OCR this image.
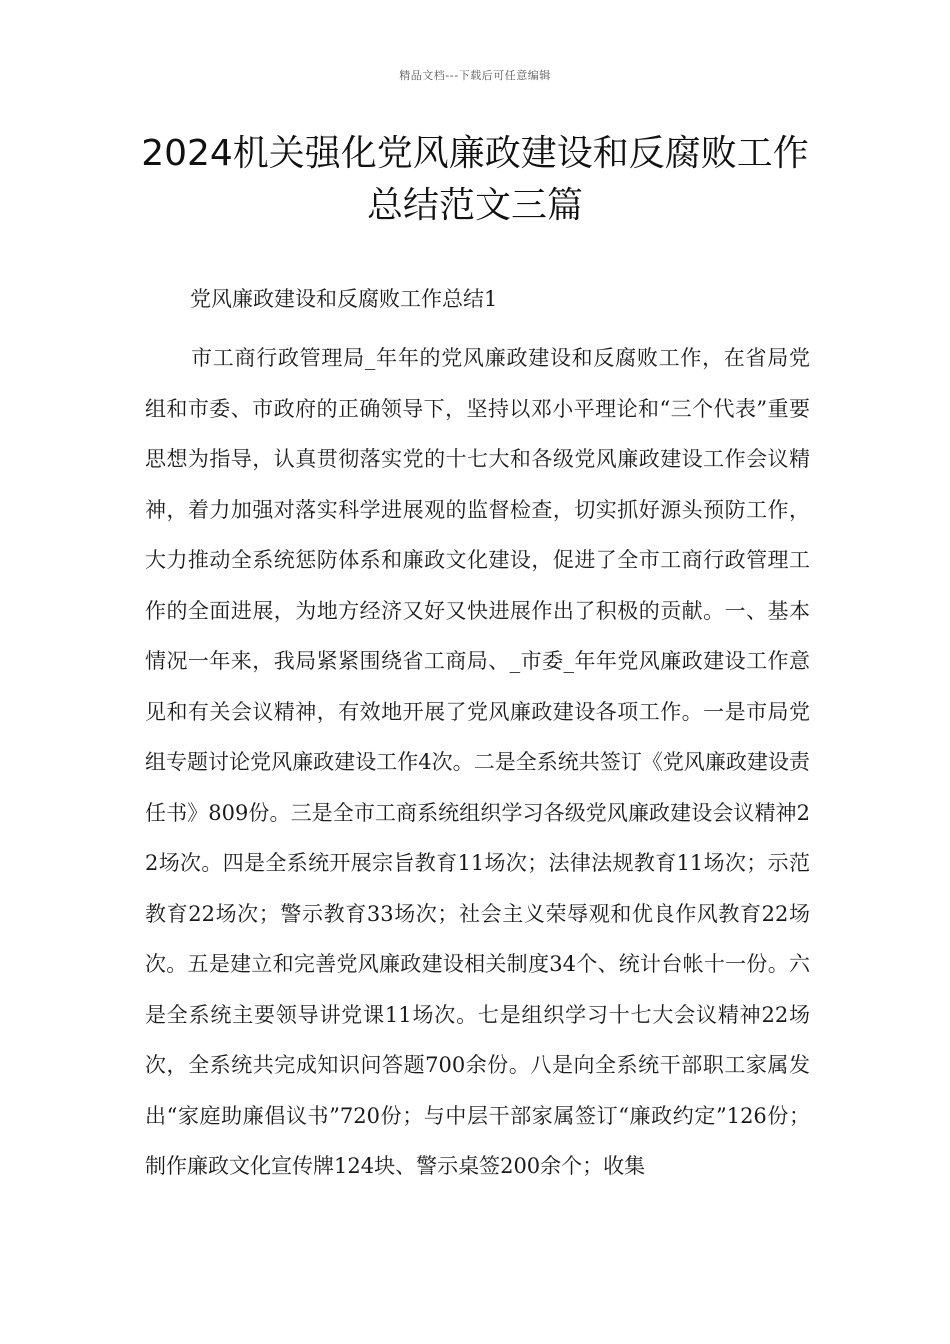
精品文档---下载后可任意编辑
2024机关强化党风廉政建设和反腐败工作总结范文三篇
党风廉政建设和反腐败工作总结1

市工商行政管理局_年年的党风廉政建设和反腐败工作，在省局党组和市委、市政府的正确领导下，坚持以邓小平理论和“三个代表”重要思想为指导，认真贯彻落实党的十七大和各级党风廉政建设工作会议精神，着力加强对落实科学进展观的监督检查，切实抓好源头预防工作，大力推动全系统惩防体系和廉政文化建设，促进了全市工商行政管理工作的全面进展，为地方经济又好又快进展作出了积极的贡献。一、基本情况一年来，我局紧紧围绕省工商局、_市委_年年党风廉政建设工作意见和有关会议精神，有效地开展了党风廉政建设各项工作。一是市局党组专题讨论党风廉政建设工作4次。二是全系统共签订《党风廉政建设责任书》809份。三是全市工商系统组织学习各级党风廉政建设会议精神22场次。四是全系统开展宗旨教育11场次；法律法规教育11场次；示范教育22场次；警示教育33场次；社会主义荣辱观和优良作风教育22场次。五是建立和完善党风廉政建设相关制度34个、统计台帐十一份。六是全系统主要领导讲党课11场次。七是组织学习十七大会议精神22场次，全系统共完成知识问答题700余份。八是向全系统干部职工家属发出“家庭助廉倡议书”720份；与中层干部家属签订“廉政约定”126份；制作廉政文化宣传牌124块、警示桌签200余个；收集
